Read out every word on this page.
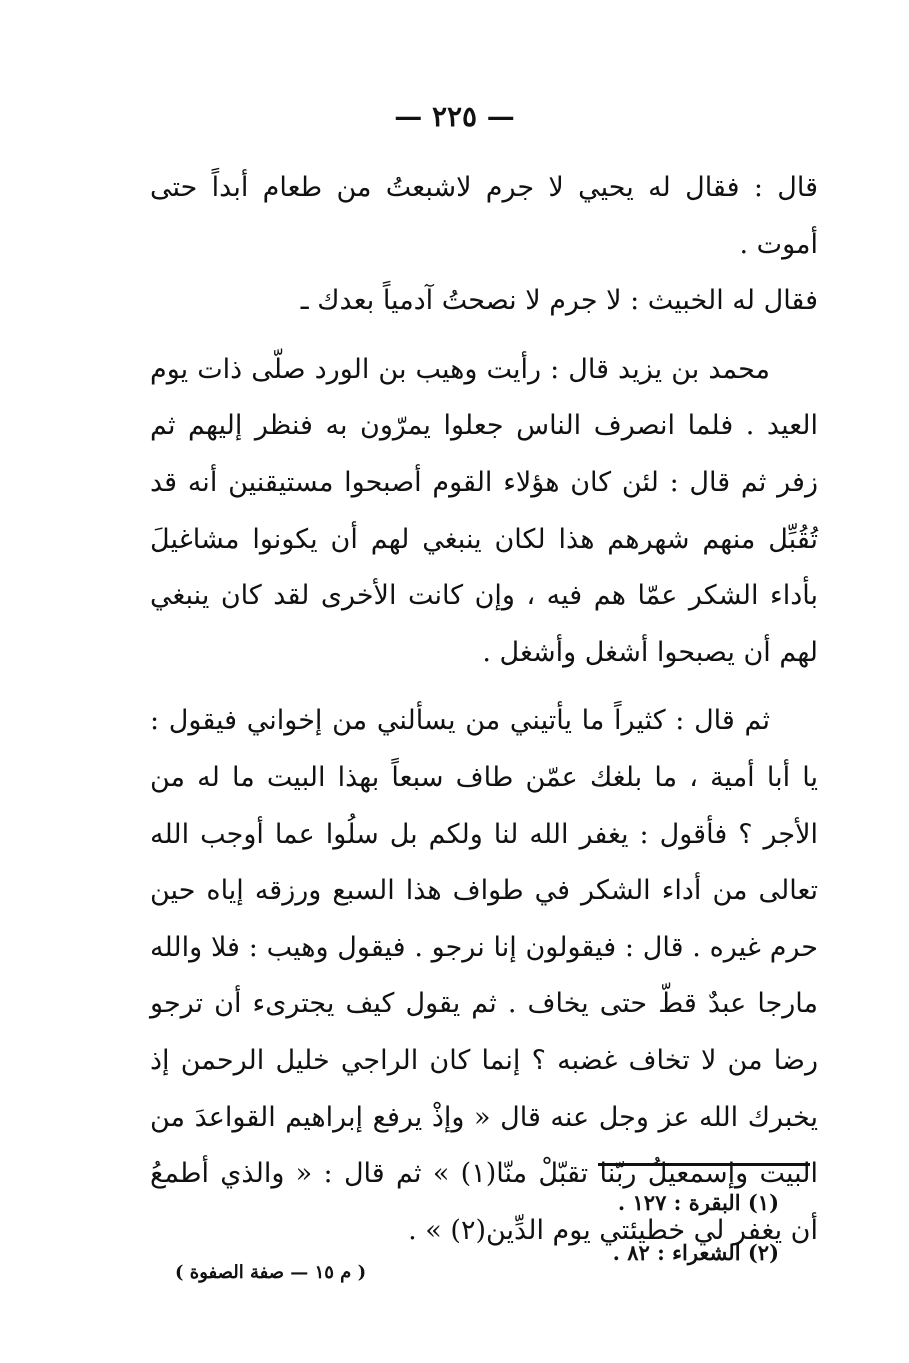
— ٢٢٥ —

قال : فقال له يحيي لا جرم لاشبعتُ من طعام أبداً حتى أموت .

فقال له الخبيث : لا جرم لا نصحتُ آدمياً بعدك ـ

محمد بن يزيد قال : رأيت وهيب بن الورد صلّى ذات يوم العيد . فلما انصرف الناس جعلوا يمرّون به فنظر إليهم ثم زفر ثم قال : لئن كان هؤلاء القوم أصبحوا مستيقنين أنه قد تُقُبِّل منهم شهرهم هذا لكان ينبغي لهم أن يكونوا مشاغيلَ بأداء الشكر عمّا هم فيه ، وإن كانت الأخرى لقد كان ينبغي لهم أن يصبحوا أشغل وأشغل .

ثم قال : كثيراً ما يأتيني من يسألني من إخواني فيقول : يا أبا أمية ، ما بلغك عمّن طاف سبعاً بهذا البيت ما له من الأجر ؟ فأقول : يغفر الله لنا ولكم بل سلُوا عما أوجب الله تعالى من أداء الشكر في طواف هذا السبع ورزقه إياه حين حرم غيره . قال : فيقولون إنا نرجو . فيقول وهيب : فلا والله مارجا عبدٌ قطّ حتى يخاف . ثم يقول كيف يجترىء أن ترجو رضا من لا تخاف غضبه ؟ إنما كان الراجي خليل الرحمن إذ يخبرك الله عز وجل عنه قال « وإذْ يرفع إبراهيم القواعدَ من البيت وإسمعيلُ ربّنا تقبّلْ منّا(١) » ثم قال : « والذي أطمعُ أن يغفر لي خطيئتي يوم الدِّين(٢) » .

(١) البقرة : ١٢٧ .

(٢) الشعراء : ٨٢ .

( م ١٥ — صفة الصفوة )
